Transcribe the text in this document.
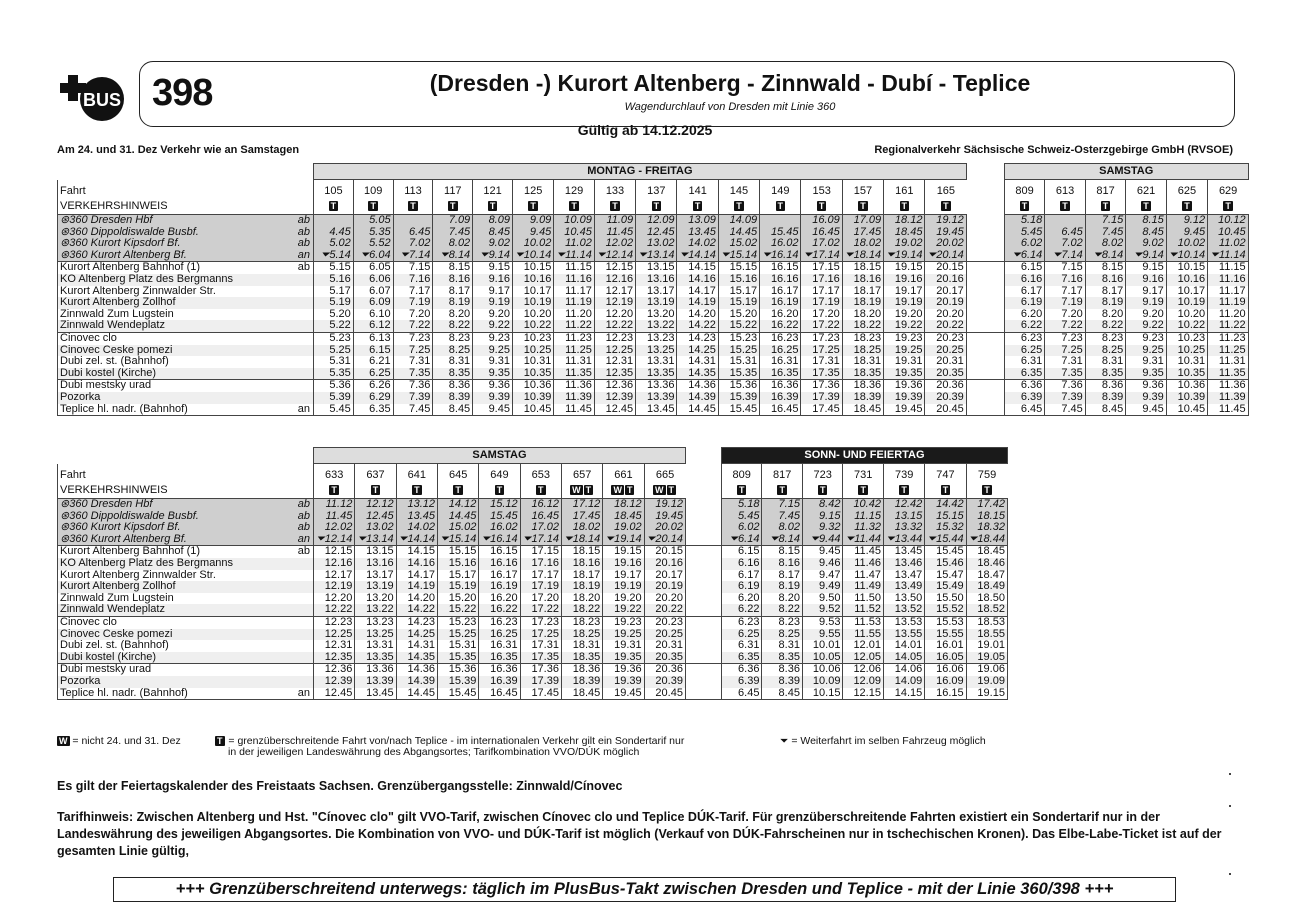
BUS 398	(Dresden -) Kurort Altenberg - Zinnwald - Dubí - Teplice
Wagendurchlauf von Dresden mit Linie 360
Gültig ab 14.12.2025
Am 24. und 31. Dez Verkehr wie an Samstagen	Regionalverkehr Sächsische Schweiz-Osterzgebirge GmbH (RVSOE)
		MONTAG - FREITAG																	SAMSTAG					
Fahrt		105	109	113	117	121	125	129	133	137	141	145	149	153	157	161	165		809	613	817	621	625	629
VERKEHRSHINWEIS		T	T	T	T	T	T	T	T	T	T	T	T	T	T	T	T		T	T	T	T	T	T
⊛360 Dresden Hbf	ab		5.05		7.09	8.09	9.09	10.09	11.09	12.09	13.09	14.09		16.09	17.09	18.12	19.12		5.18		7.15	8.15	9.12	10.12
⊛360 Dippoldiswalde Busbf.	ab	4.45	5.35	6.45	7.45	8.45	9.45	10.45	11.45	12.45	13.45	14.45	15.45	16.45	17.45	18.45	19.45		5.45	6.45	7.45	8.45	9.45	10.45
⊛360 Kurort Kipsdorf Bf.	ab	5.02	5.52	7.02	8.02	9.02	10.02	11.02	12.02	13.02	14.02	15.02	16.02	17.02	18.02	19.02	20.02		6.02	7.02	8.02	9.02	10.02	11.02
⊛360 Kurort Altenberg Bf.	an	⏷5.14	⏷6.04	⏷7.14	⏷8.14	⏷9.14	⏷10.14	⏷11.14	⏷12.14	⏷13.14	⏷14.14	⏷15.14	⏷16.14	⏷17.14	⏷18.14	⏷19.14	⏷20.14		⏷6.14	⏷7.14	⏷8.14	⏷9.14	⏷10.14	⏷11.14
Kurort Altenberg Bahnhof (1)	ab	5.15	6.05	7.15	8.15	9.15	10.15	11.15	12.15	13.15	14.15	15.15	16.15	17.15	18.15	19.15	20.15		6.15	7.15	8.15	9.15	10.15	11.15
KO Altenberg Platz des Bergmanns		5.16	6.06	7.16	8.16	9.16	10.16	11.16	12.16	13.16	14.16	15.16	16.16	17.16	18.16	19.16	20.16		6.16	7.16	8.16	9.16	10.16	11.16
Kurort Altenberg Zinnwalder Str.		5.17	6.07	7.17	8.17	9.17	10.17	11.17	12.17	13.17	14.17	15.17	16.17	17.17	18.17	19.17	20.17		6.17	7.17	8.17	9.17	10.17	11.17
Kurort Altenberg Zollhof		5.19	6.09	7.19	8.19	9.19	10.19	11.19	12.19	13.19	14.19	15.19	16.19	17.19	18.19	19.19	20.19		6.19	7.19	8.19	9.19	10.19	11.19
Zinnwald Zum Lugstein		5.20	6.10	7.20	8.20	9.20	10.20	11.20	12.20	13.20	14.20	15.20	16.20	17.20	18.20	19.20	20.20		6.20	7.20	8.20	9.20	10.20	11.20
Zinnwald Wendeplatz		5.22	6.12	7.22	8.22	9.22	10.22	11.22	12.22	13.22	14.22	15.22	16.22	17.22	18.22	19.22	20.22		6.22	7.22	8.22	9.22	10.22	11.22
Cinovec clo		5.23	6.13	7.23	8.23	9.23	10.23	11.23	12.23	13.23	14.23	15.23	16.23	17.23	18.23	19.23	20.23		6.23	7.23	8.23	9.23	10.23	11.23
Cinovec Ceske pomezi		5.25	6.15	7.25	8.25	9.25	10.25	11.25	12.25	13.25	14.25	15.25	16.25	17.25	18.25	19.25	20.25		6.25	7.25	8.25	9.25	10.25	11.25
Dubi zel. st. (Bahnhof)		5.31	6.21	7.31	8.31	9.31	10.31	11.31	12.31	13.31	14.31	15.31	16.31	17.31	18.31	19.31	20.31		6.31	7.31	8.31	9.31	10.31	11.31
Dubi kostel (Kirche)		5.35	6.25	7.35	8.35	9.35	10.35	11.35	12.35	13.35	14.35	15.35	16.35	17.35	18.35	19.35	20.35		6.35	7.35	8.35	9.35	10.35	11.35
Dubi mestsky urad		5.36	6.26	7.36	8.36	9.36	10.36	11.36	12.36	13.36	14.36	15.36	16.36	17.36	18.36	19.36	20.36		6.36	7.36	8.36	9.36	10.36	11.36
Pozorka		5.39	6.29	7.39	8.39	9.39	10.39	11.39	12.39	13.39	14.39	15.39	16.39	17.39	18.39	19.39	20.39		6.39	7.39	8.39	9.39	10.39	11.39
Teplice hl. nadr. (Bahnhof)	an	5.45	6.35	7.45	8.45	9.45	10.45	11.45	12.45	13.45	14.45	15.45	16.45	17.45	18.45	19.45	20.45		6.45	7.45	8.45	9.45	10.45	11.45
		SAMSTAG										SONN- UND FEIERTAG						
Fahrt		633	637	641	645	649	653	657	661	665		809	817	723	731	739	747	759
VERKEHRSHINWEIS		T	T	T	T	T	T	W T	W T	W T		T	T	T	T	T	T	T
⊛360 Dresden Hbf	ab	11.12	12.12	13.12	14.12	15.12	16.12	17.12	18.12	19.12		5.18	7.15	8.42	10.42	12.42	14.42	17.42
⊛360 Dippoldiswalde Busbf.	ab	11.45	12.45	13.45	14.45	15.45	16.45	17.45	18.45	19.45		5.45	7.45	9.15	11.15	13.15	15.15	18.15
⊛360 Kurort Kipsdorf Bf.	ab	12.02	13.02	14.02	15.02	16.02	17.02	18.02	19.02	20.02		6.02	8.02	9.32	11.32	13.32	15.32	18.32
⊛360 Kurort Altenberg Bf.	an	⏷12.14	⏷13.14	⏷14.14	⏷15.14	⏷16.14	⏷17.14	⏷18.14	⏷19.14	⏷20.14		⏷6.14	⏷8.14	⏷9.44	⏷11.44	⏷13.44	⏷15.44	⏷18.44
Kurort Altenberg Bahnhof (1)	ab	12.15	13.15	14.15	15.15	16.15	17.15	18.15	19.15	20.15		6.15	8.15	9.45	11.45	13.45	15.45	18.45
KO Altenberg Platz des Bergmanns		12.16	13.16	14.16	15.16	16.16	17.16	18.16	19.16	20.16		6.16	8.16	9.46	11.46	13.46	15.46	18.46
Kurort Altenberg Zinnwalder Str.		12.17	13.17	14.17	15.17	16.17	17.17	18.17	19.17	20.17		6.17	8.17	9.47	11.47	13.47	15.47	18.47
Kurort Altenberg Zollhof		12.19	13.19	14.19	15.19	16.19	17.19	18.19	19.19	20.19		6.19	8.19	9.49	11.49	13.49	15.49	18.49
Zinnwald Zum Lugstein		12.20	13.20	14.20	15.20	16.20	17.20	18.20	19.20	20.20		6.20	8.20	9.50	11.50	13.50	15.50	18.50
Zinnwald Wendeplatz		12.22	13.22	14.22	15.22	16.22	17.22	18.22	19.22	20.22		6.22	8.22	9.52	11.52	13.52	15.52	18.52
Cinovec clo		12.23	13.23	14.23	15.23	16.23	17.23	18.23	19.23	20.23		6.23	8.23	9.53	11.53	13.53	15.53	18.53
Cinovec Ceske pomezi		12.25	13.25	14.25	15.25	16.25	17.25	18.25	19.25	20.25		6.25	8.25	9.55	11.55	13.55	15.55	18.55
Dubi zel. st. (Bahnhof)		12.31	13.31	14.31	15.31	16.31	17.31	18.31	19.31	20.31		6.31	8.31	10.01	12.01	14.01	16.01	19.01
Dubi kostel (Kirche)		12.35	13.35	14.35	15.35	16.35	17.35	18.35	19.35	20.35		6.35	8.35	10.05	12.05	14.05	16.05	19.05
Dubi mestsky urad		12.36	13.36	14.36	15.36	16.36	17.36	18.36	19.36	20.36		6.36	8.36	10.06	12.06	14.06	16.06	19.06
Pozorka		12.39	13.39	14.39	15.39	16.39	17.39	18.39	19.39	20.39		6.39	8.39	10.09	12.09	14.09	16.09	19.09
Teplice hl. nadr. (Bahnhof)	an	12.45	13.45	14.45	15.45	16.45	17.45	18.45	19.45	20.45		6.45	8.45	10.15	12.15	14.15	16.15	19.15
W = nicht 24. und 31. Dez	T = grenzüberschreitende Fahrt von/nach Teplice - im internationalen Verkehr gilt ein Sondertarif nur
in der jeweiligen Landeswährung des Abgangsortes; Tarifkombination VVO/DÚK möglich
⏷ = Weiterfahrt im selben Fahrzeug möglich
Es gilt der Feiertagskalender des Freistaats Sachsen. Grenzübergangsstelle: Zinnwald/Cínovec
Tarifhinweis: Zwischen Altenberg und Hst. "Cínovec clo" gilt VVO-Tarif, zwischen Cínovec clo und Teplice DÚK-Tarif. Für grenzüberschreitende Fahrten existiert ein Sondertarif nur in der Landeswährung des jeweiligen Abgangsortes. Die Kombination von VVO- und DÚK-Tarif ist möglich (Verkauf von DÚK-Fahrscheinen nur in tschechischen Kronen). Das Elbe-Labe-Ticket ist auf der gesamten Linie gültig,
+++ Grenzüberschreitend unterwegs: täglich im PlusBus-Takt zwischen Dresden und Teplice - mit der Linie 360/398 +++
